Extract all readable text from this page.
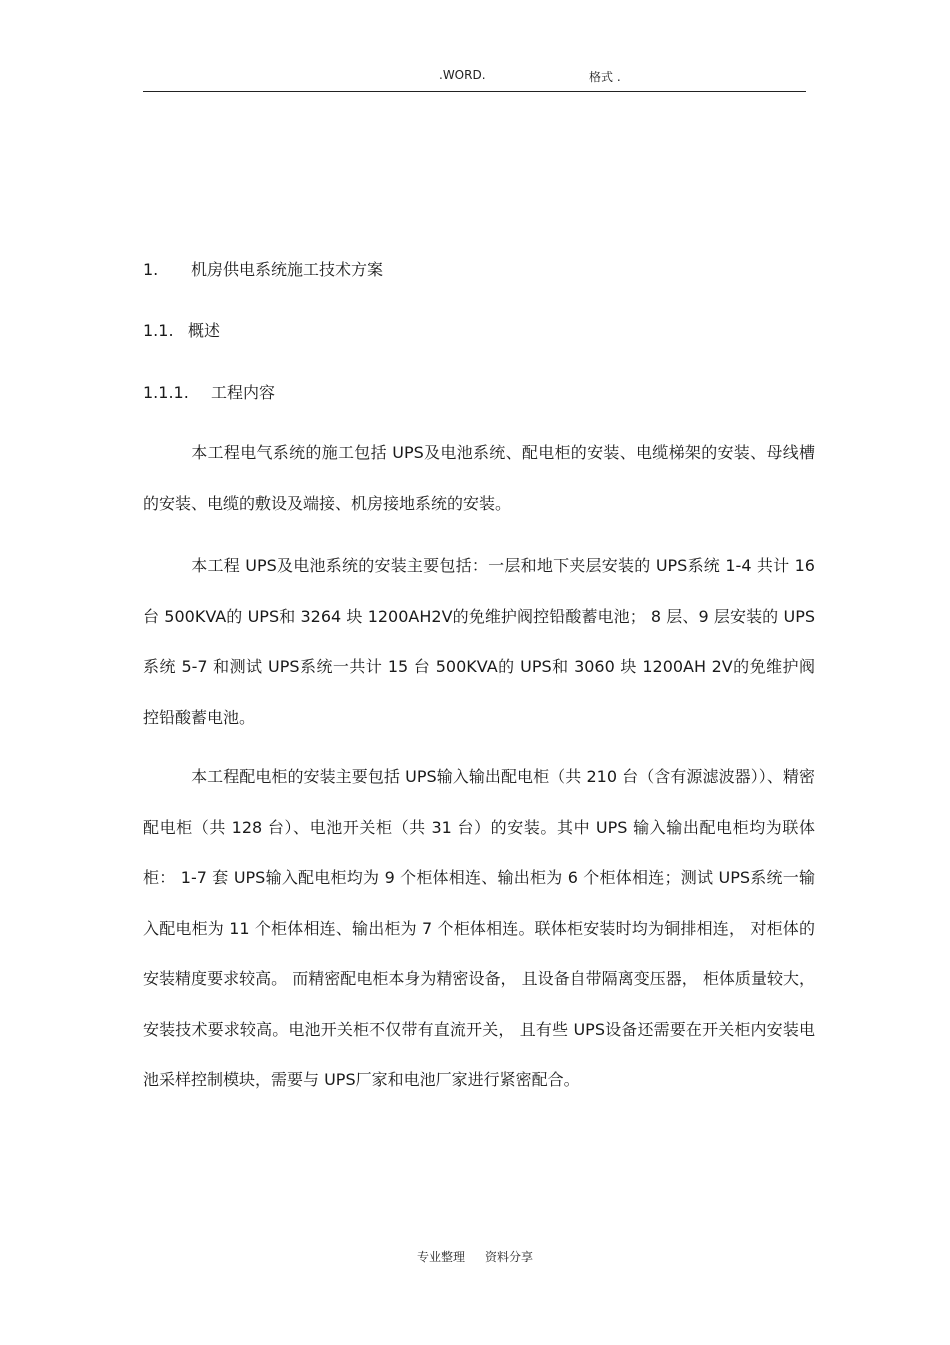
.WORD.	格式 .
1. 机房供电系统施工技术方案
1.1. 概述
1.1.1. 工程内容
本工程电气系统的施工包括 UPS及电池系统、配电柜的安装、电缆梯架的安装、母线槽的安装、电缆的敷设及端接、机房接地系统的安装。
本工程 UPS及电池系统的安装主要包括：一层和地下夹层安装的 UPS系统 1-4 共计 16 台 500KVA的 UPS和 3264 块 1200AH2V的免维护阀控铅酸蓄电池； 8 层、9 层安装的 UPS系统 5-7 和测试 UPS系统一共计 15 台 500KVA的 UPS和 3060 块 1200AH 2V的免维护阀控铅酸蓄电池。
本工程配电柜的安装主要包括 UPS输入输出配电柜（共 210 台（含有源滤波器））、精密配电柜（共 128 台）、电池开关柜（共 31 台）的安装。其中 UPS 输入输出配电柜均为联体柜： 1-7 套 UPS输入配电柜均为 9 个柜体相连、输出柜为 6 个柜体相连；测试 UPS系统一输入配电柜为 11 个柜体相连、输出柜为 7 个柜体相连。联体柜安装时均为铜排相连， 对柜体的安装精度要求较高。 而精密配电柜本身为精密设备， 且设备自带隔离变压器， 柜体质量较大， 安装技术要求较高。电池开关柜不仅带有直流开关， 且有些 UPS设备还需要在开关柜内安装电池采样控制模块，需要与 UPS厂家和电池厂家进行紧密配合。
专业整理 资料分享
